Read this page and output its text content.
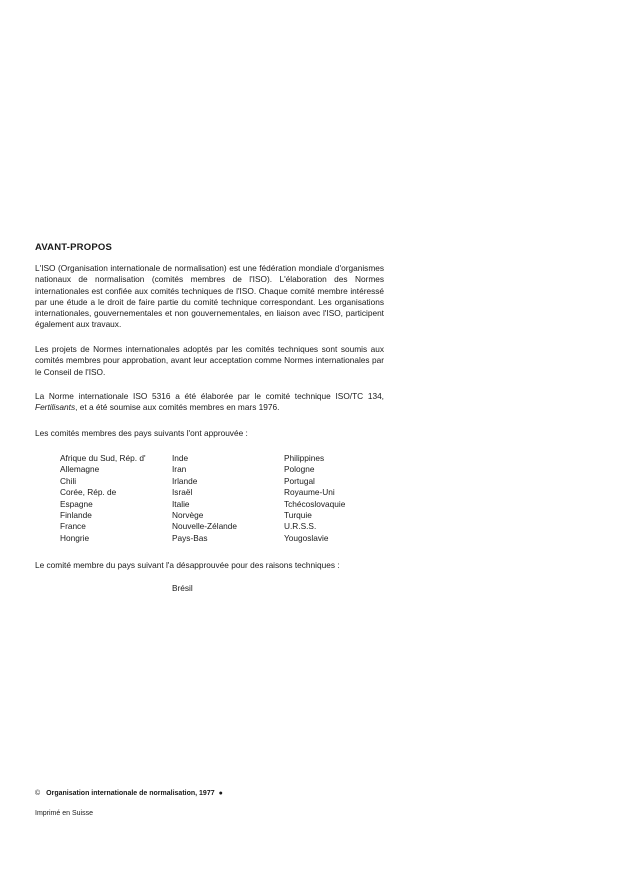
AVANT-PROPOS

L'ISO (Organisation internationale de normalisation) est une fédération mondiale d'organismes nationaux de normalisation (comités membres de l'ISO). L'élaboration des Normes internationales est confiée aux comités techniques de l'ISO. Chaque comité membre intéressé par une étude a le droit de faire partie du comité technique correspondant. Les organisations internationales, gouvernementales et non gouvernementales, en liaison avec l'ISO, participent également aux travaux.

Les projets de Normes internationales adoptés par les comités techniques sont soumis aux comités membres pour approbation, avant leur acceptation comme Normes internationales par le Conseil de l'ISO.

La Norme internationale ISO 5316 a été élaborée par le comité technique ISO/TC 134, Fertilisants, et a été soumise aux comités membres en mars 1976.

Les comités membres des pays suivants l'ont approuvée :
Afrique du Sud, Rép. d'
Allemagne
Chili
Corée, Rép. de
Espagne
Finlande
France
Hongrie
Inde
Iran
Irlande
Israël
Italie
Norvège
Nouvelle-Zélande
Pays-Bas
Philippines
Pologne
Portugal
Royaume-Uni
Tchécoslovaquie
Turquie
U.R.S.S.
Yougoslavie
Le comité membre du pays suivant l'a désapprouvée pour des raisons techniques :
Brésil
© Organisation internationale de normalisation, 1977 ●
Imprimé en Suisse
